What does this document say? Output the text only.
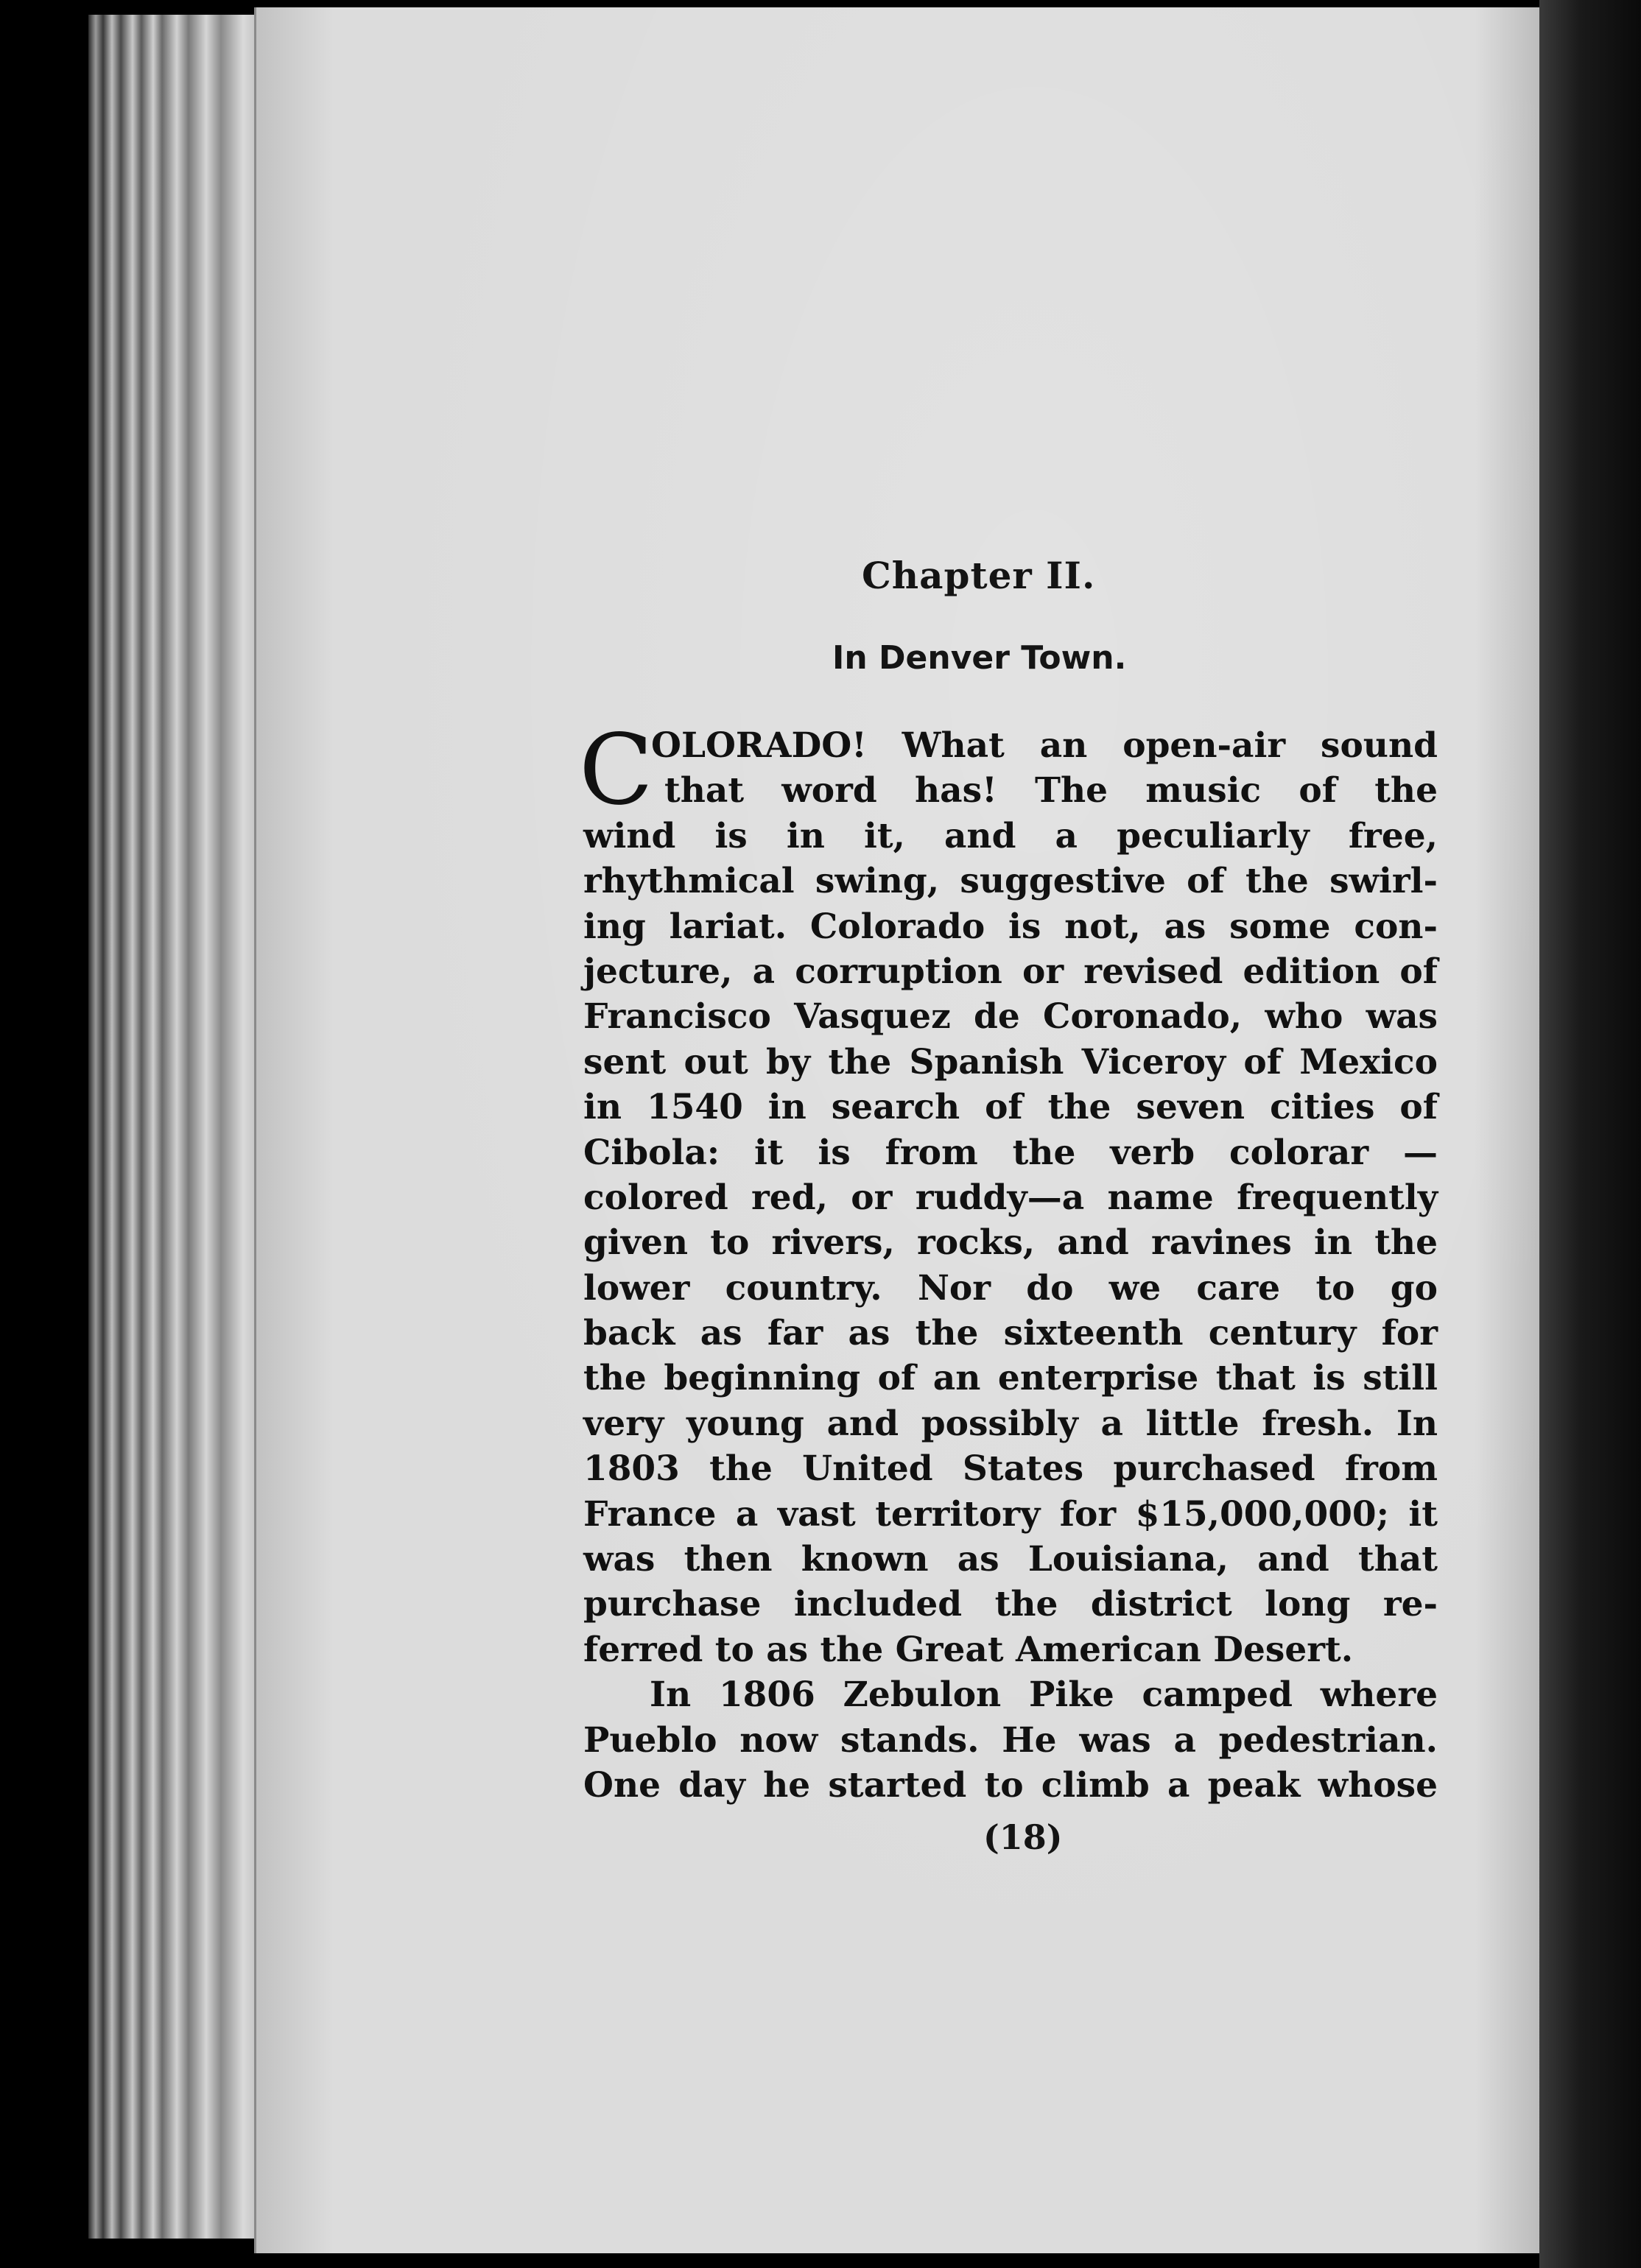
Chapter II.
In Denver Town.
C
OLORADO! What an open-air sound
that word has! The music of the
wind is in it, and a peculiarly free,
rhythmical swing, suggestive of the swirl-
ing lariat. Colorado is not, as some con-
jecture, a corruption or revised edition of
Francisco Vasquez de Coronado, who was
sent out by the Spanish Viceroy of Mexico
in 1540 in search of the seven cities of
Cibola: it is from the verb colorar —
colored red, or ruddy—a name frequently
given to rivers, rocks, and ravines in the
lower country. Nor do we care to go
back as far as the sixteenth century for
the beginning of an enterprise that is still
very young and possibly a little fresh. In
1803 the United States purchased from
France a vast territory for $15,000,000; it
was then known as Louisiana, and that
purchase included the district long re-
ferred to as the Great American Desert.
In 1806 Zebulon Pike camped where
Pueblo now stands. He was a pedestrian.
One day he started to climb a peak whose
(18)
